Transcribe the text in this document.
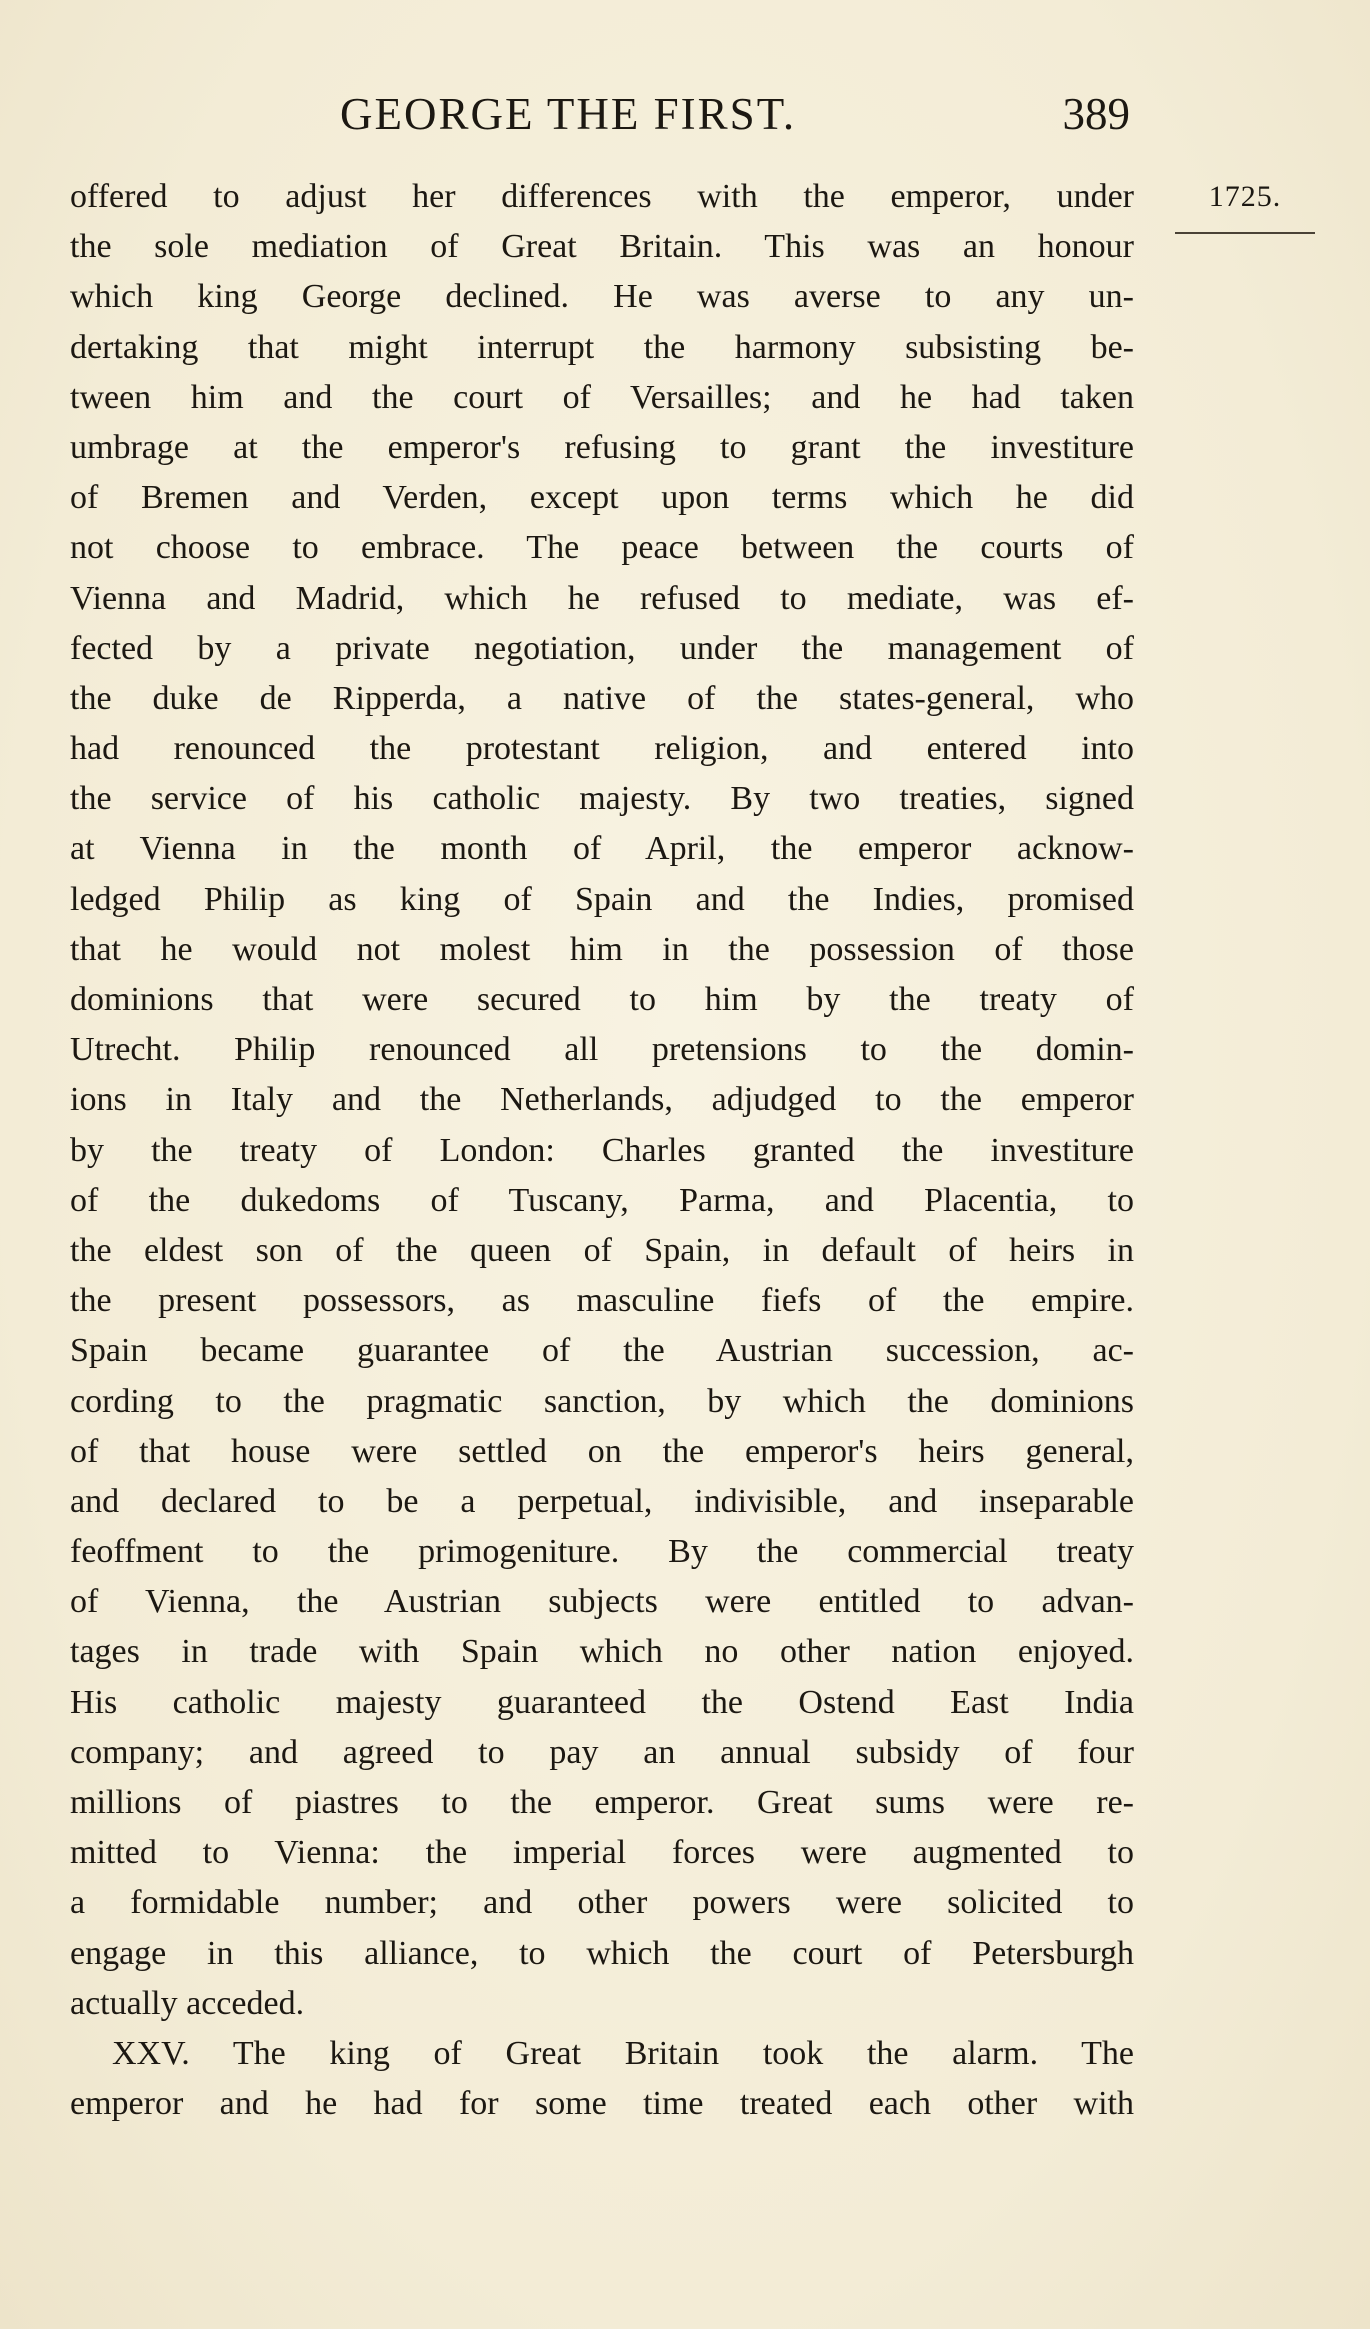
GEORGE THE FIRST.	389
1725.
offered to adjust her differences with the emperor, under
the sole mediation of Great Britain. This was an honour
which king George declined. He was averse to any un-
dertaking that might interrupt the harmony subsisting be-
tween him and the court of Versailles; and he had taken
umbrage at the emperor's refusing to grant the investiture
of Bremen and Verden, except upon terms which he did
not choose to embrace. The peace between the courts of
Vienna and Madrid, which he refused to mediate, was ef-
fected by a private negotiation, under the management of
the duke de Ripperda, a native of the states-general, who
had renounced the protestant religion, and entered into
the service of his catholic majesty. By two treaties, signed
at Vienna in the month of April, the emperor acknow-
ledged Philip as king of Spain and the Indies, promised
that he would not molest him in the possession of those
dominions that were secured to him by the treaty of
Utrecht. Philip renounced all pretensions to the domin-
ions in Italy and the Netherlands, adjudged to the emperor
by the treaty of London: Charles granted the investiture
of the dukedoms of Tuscany, Parma, and Placentia, to
the eldest son of the queen of Spain, in default of heirs in
the present possessors, as masculine fiefs of the empire.
Spain became guarantee of the Austrian succession, ac-
cording to the pragmatic sanction, by which the dominions
of that house were settled on the emperor's heirs general,
and declared to be a perpetual, indivisible, and inseparable
feoffment to the primogeniture. By the commercial treaty
of Vienna, the Austrian subjects were entitled to advan-
tages in trade with Spain which no other nation enjoyed.
His catholic majesty guaranteed the Ostend East India
company; and agreed to pay an annual subsidy of four
millions of piastres to the emperor. Great sums were re-
mitted to Vienna: the imperial forces were augmented to
a formidable number; and other powers were solicited to
engage in this alliance, to which the court of Petersburgh
actually acceded.
XXV. The king of Great Britain took the alarm. The
emperor and he had for some time treated each other with
